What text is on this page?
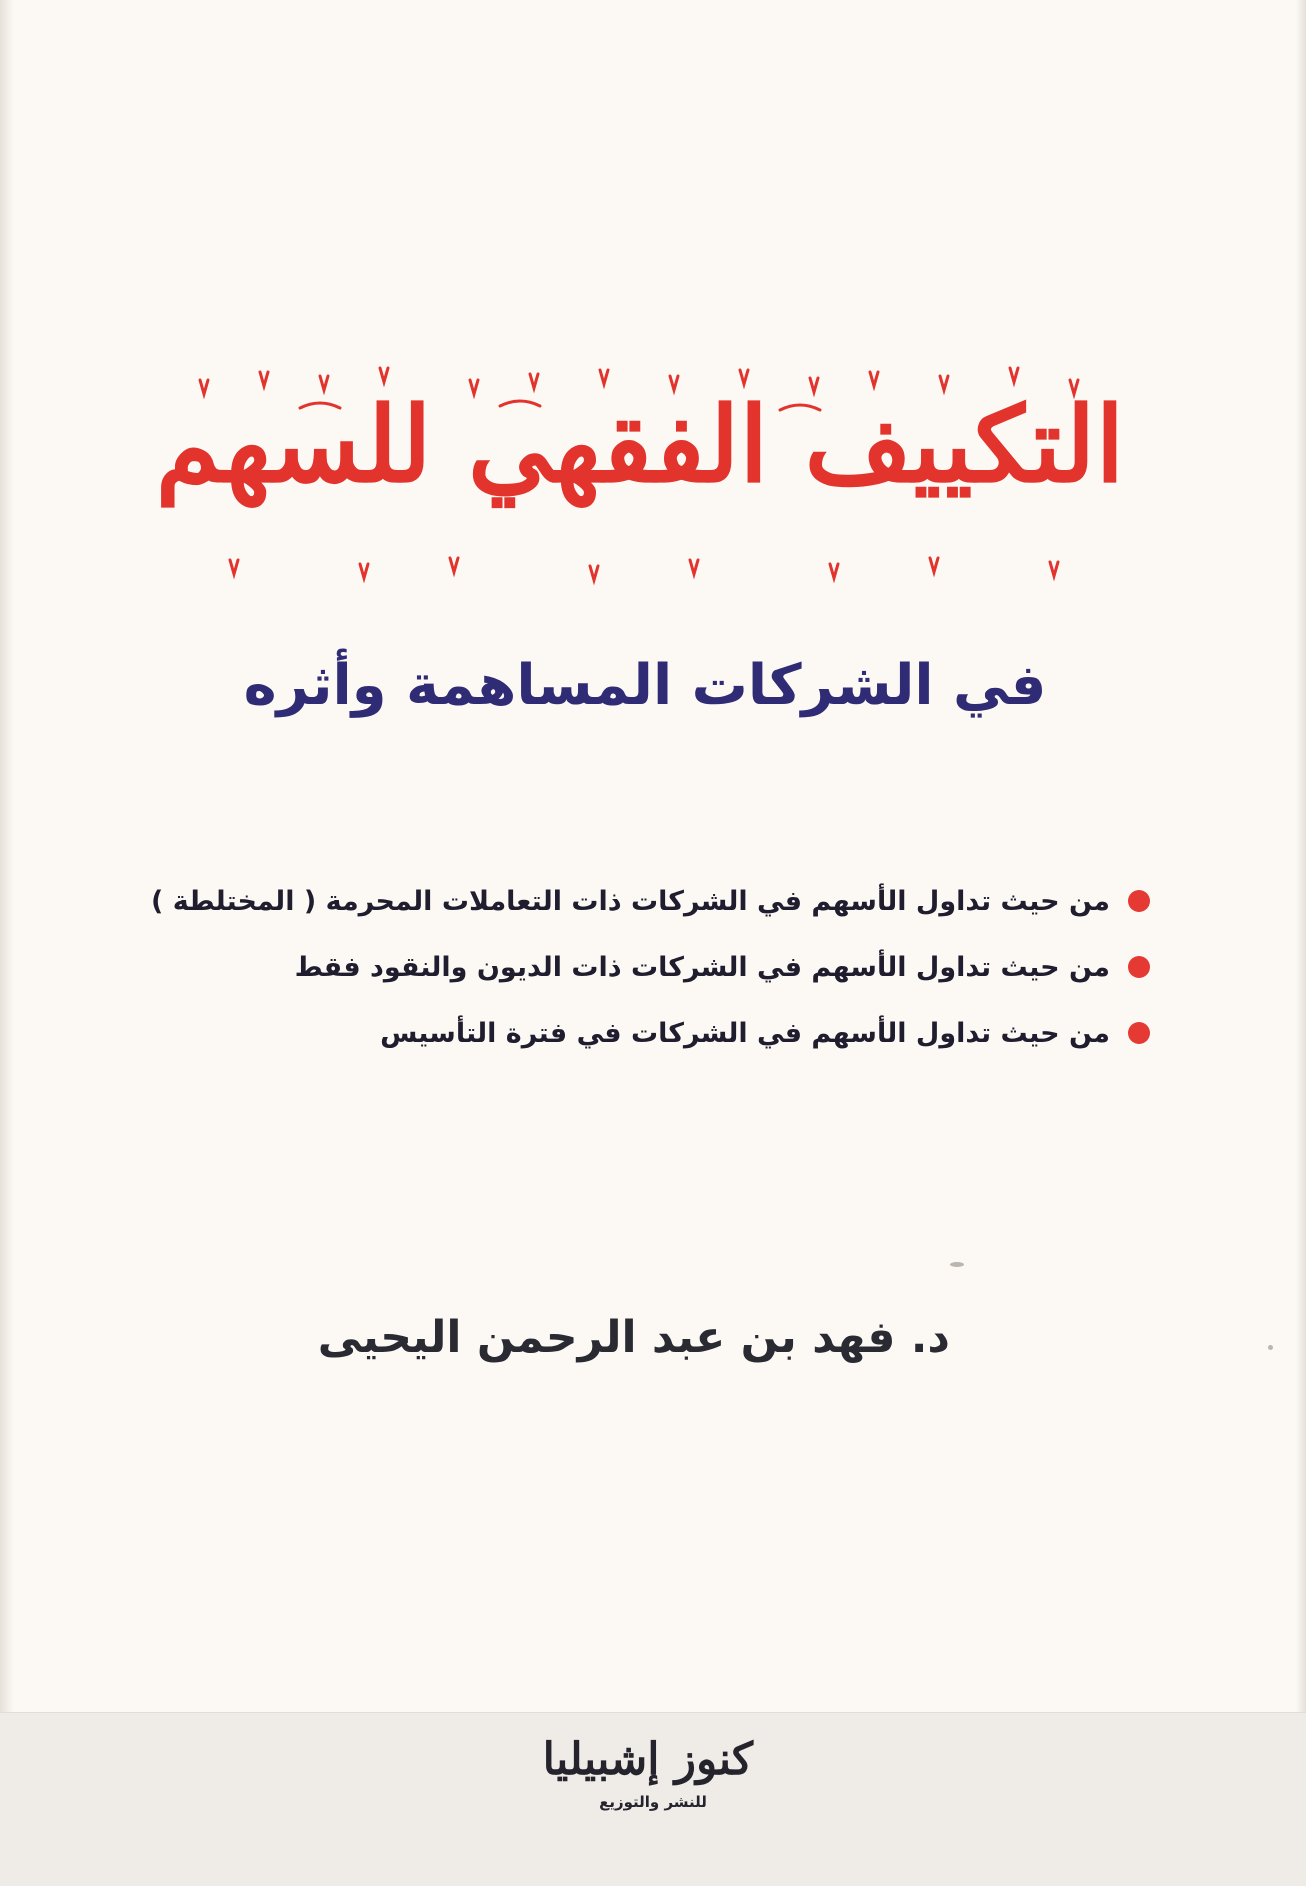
التكييف الفقهي للسهم
في الشركات المساهمة وأثره
من حيث تداول الأسهم في الشركات ذات التعاملات المحرمة ( المختلطة )
من حيث تداول الأسهم في الشركات ذات الديون والنقود فقط
من حيث تداول الأسهم في الشركات في فترة التأسيس
د. فهد بن عبد الرحمن اليحيى
كنوز إشبيليا
للنشر والتوزيع
